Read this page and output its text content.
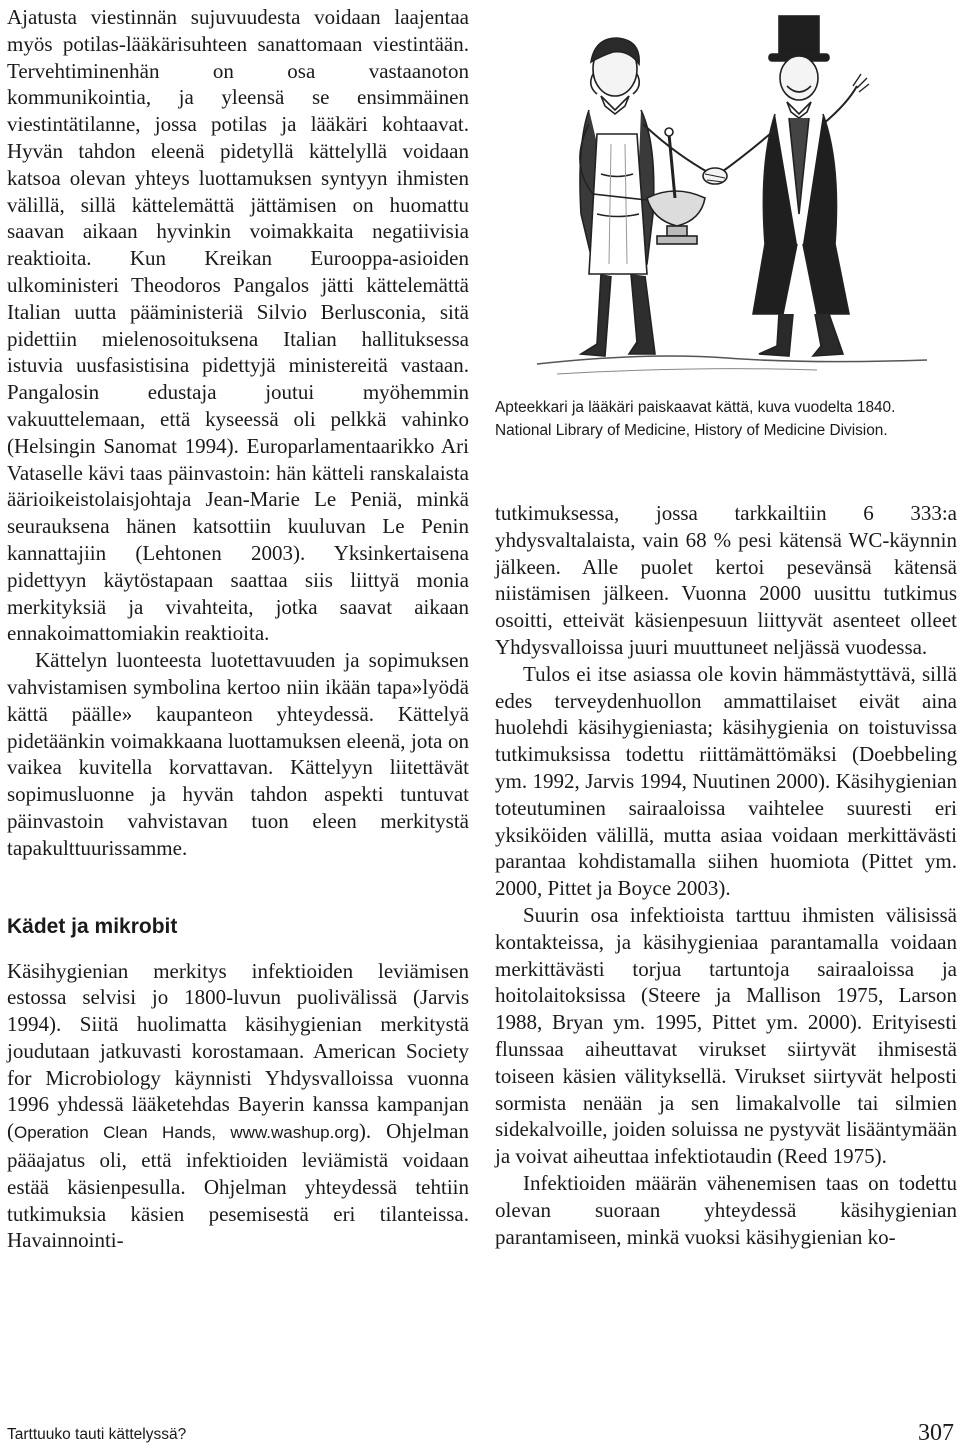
Ajatusta viestinnän sujuvuudesta voidaan laajentaa myös potilas-lääkärisuhteen sanattomaan viestintään. Tervehtiminenhän on osa vastaanoton kommunikointia, ja yleensä se ensimmäinen viestintätilanne, jossa potilas ja lääkäri kohtaavat. Hyvän tahdon eleenä pidetyllä kättelyllä voidaan katsoa olevan yhteys luottamuksen syntyyn ihmisten välillä, sillä kättelemättä jättämisen on huomattu saavan aikaan hyvinkin voimakkaita negatiivisia reaktioita. Kun Kreikan Eurooppa-asioiden ulkoministeri Theodoros Pangalos jätti kättelemättä Italian uutta pääministeriä Silvio Berlusconia, sitä pidettiin mielenosoituksena Italian hallituksessa istuvia uusfasistisina pidettyjä ministereitä vastaan. Pangalosin edustaja joutui myöhemmin vakuuttelemaan, että kyseessä oli pelkkä vahinko (Helsingin Sanomat 1994). Europarlamentaarikko Ari Vataselle kävi taas päinvastoin: hän kätteli ranskalaista äärioikeistolaisjohtaja Jean-Marie Le Peniä, minkä seurauksena hänen katsottiin kuuluvan Le Penin kannattajiin (Lehtonen 2003). Yksinkertaisena pidettyyn käytöstapaan saattaa siis liittyä monia merkityksiä ja vivahteita, jotka saavat aikaan ennakoimattomiakin reaktioita.

Kättelyn luonteesta luotettavuuden ja sopimuksen vahvistamisen symbolina kertoo niin ikään tapa»lyödä kättä päälle» kaupanteon yhteydessä. Kättelyä pidetäänkin voimakkaana luottamuksen eleenä, jota on vaikea kuvitella korvattavan. Kättelyyn liitettävät sopimusluonne ja hyvän tahdon aspekti tuntuvat päinvastoin vahvistavan tuon eleen merkitystä tapakulttuurissamme.

Kädet ja mikrobit

Käsihygienian merkitys infektioiden leviämisen estossa selvisi jo 1800-luvun puolivälissä (Jarvis 1994). Siitä huolimatta käsihygienian merkitystä joudutaan jatkuvasti korostamaan. American Society for Microbiology käynnisti Yhdysvalloissa vuonna 1996 yhdessä lääketehdas Bayerin kanssa kampanjan (Operation Clean Hands, www.washup.org). Ohjelman pääajatus oli, että infektioiden leviämistä voidaan estää käsienpesulla. Ohjelman yhteydessä tehtiin tutkimuksia käsien pesemisestä eri tilanteissa. Havainnointi-

Apteekkari ja lääkäri paiskaavat kättä, kuva vuodelta 1840.

National Library of Medicine, History of Medicine Division.

tutkimuksessa, jossa tarkkailtiin 6 333:a yhdysvaltalaista, vain 68 % pesi kätensä WC-käynnin jälkeen. Alle puolet kertoi pesevänsä kätensä niistämisen jälkeen. Vuonna 2000 uusittu tutkimus osoitti, etteivät käsienpesuun liittyvät asenteet olleet Yhdysvalloissa juuri muuttuneet neljässä vuodessa.

Tulos ei itse asiassa ole kovin hämmästyttävä, sillä edes terveydenhuollon ammattilaiset eivät aina huolehdi käsihygieniasta; käsihygienia on toistuvissa tutkimuksissa todettu riittämättömäksi (Doebbeling ym. 1992, Jarvis 1994, Nuutinen 2000). Käsihygienian toteutuminen sairaaloissa vaihtelee suuresti eri yksiköiden välillä, mutta asiaa voidaan merkittävästi parantaa kohdistamalla siihen huomiota (Pittet ym. 2000, Pittet ja Boyce 2003).

Suurin osa infektioista tarttuu ihmisten välisissä kontakteissa, ja käsihygieniaa parantamalla voidaan merkittävästi torjua tartuntoja sairaaloissa ja hoitolaitoksissa (Steere ja Mallison 1975, Larson 1988, Bryan ym. 1995, Pittet ym. 2000). Erityisesti flunssaa aiheuttavat virukset siirtyvät ihmisestä toiseen käsien välityksellä. Virukset siirtyvät helposti sormista nenään ja sen limakalvolle tai silmien sidekalvoille, joiden soluissa ne pystyvät lisääntymään ja voivat aiheuttaa infektiotaudin (Reed 1975).

Infektioiden määrän vähenemisen taas on todettu olevan suoraan yhteydessä käsihygienian parantamiseen, minkä vuoksi käsihygienian ko-

Tarttuuko tauti kättelyssä?	307
